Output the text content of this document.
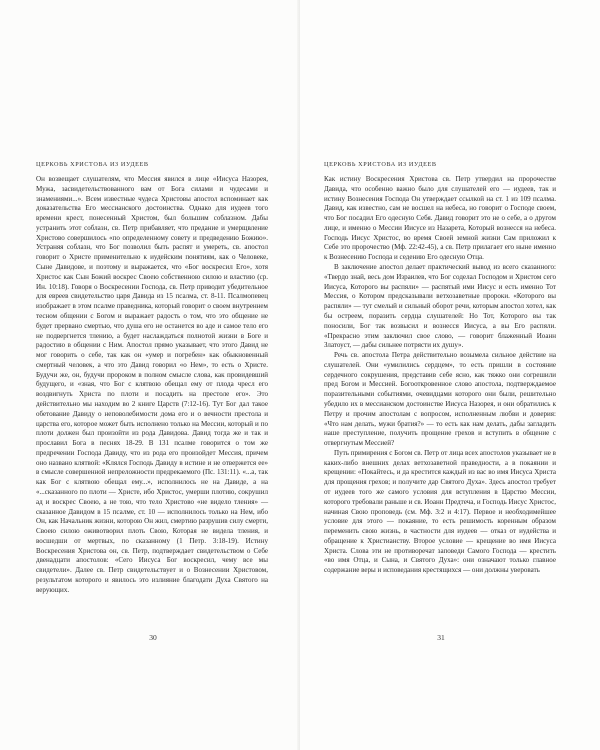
ЦЕРКОВЬ ХРИСТОВА ИЗ ИУДЕЕВ

Он возвещает слушателям, что Мессия явился в лице «Иисуса Назорея, Мужа, засвидетельствованного вам от Бога силами и чудесами и знамениями...». Всем известные чудеса Христовы апостол вспоминает как доказательства Его мессианского достоинства. Однако для иудеев того времени крест, понесенный Христом, был большим соблазном. Дабы устранить этот соблазн, св. Петр прибавляет, что предание и умерщвление Христово совершилось «по определенному совету и предведению Божию». Устраняя соблазн, что Бог позволил быть распят и умереть, св. апостол говорит о Христе применительно к иудейским понятиям, как о Человеке, Сыне Давидове, и поэтому и выражается, что «Бог воскресил Его», хотя Христос как Сын Божий воскрес Своею собственною силою и властию (ср. Ин. 10:18). Говоря о Воскресении Господа, св. Петр приводит убедительное для евреев свидетельство царя Давида из 15 псалма, ст. 8-11. Псалмопевец изображает в этом псалме праведника, который говорит о своем внутреннем тесном общении с Богом и выражает радость о том, что это общение не будет прервано смертью, что душа его не останется во аде и самое тело его не подвергнется тлению, а будет наслаждаться полнотой жизни в Боге и радостию в общении с Ним. Апостол прямо указывает, что этого Давид не мог говорить о себе, так как он «умер и погребен» как обыкновенный смертный человек, а что это Давид говорил «о Нем», то есть о Христе. Будучи же, он, будучи пророком в полном смысле слова, как провидевший будущего, и «зная, что Бог с клятвою обещал ему от плода чресл его воздвигнуть Христа по плоти и посадить на престоле его». Это действительно мы находим во 2 книге Царств (7:12-16). Тут Бог дал такое обетование Давиду о неповолебимости дома его и о вечности престола и царства его, которое может быть исполнено только на Мессии, который и по плоти должен был произойти из рода Давидова. Давид тогда же и так и прославил Бога в песнях 18-29. В 131 псалме говорится о том же предречении Господа Давиду, что из рода его произойдет Мессия, причем оно названо клятвой: «Клялся Господь Давиду в истине и не отвержется ее» в смысле совершенной непреложности предрекаемого (Пс. 131:11). «...а, так как Бог с клятвою обещал ему...», исполнилось не на Давиде, а на «...сказанного по плоти — Христе, ибо Христос, умерши плотию, сокрушил ад и воскрес Своею, а не тою, что тело Христово «не видело тления» — сказанное Давидом в 15 псалме, ст. 10 — исполнилось только на Нем, ибо Он, как Начальник жизни, которою Он жил, смертию разрушив силу смерти, Своею силою оживотворил плоть Свою, Которая не видела тления, и восшедши от мертвых, по сказанному (1 Петр. 3:18-19). Истину Воскресения Христова он, св. Петр, подтверждает свидетельством о Себе двенадцати апостолов: «Сего Иисуса Бог воскресил, чему все мы свидетели». Далее св. Петр свидетельствует и о Вознесении Христовом, результатом которого и явилось это излияние благодати Духа Святого на верующих.

30
ЦЕРКОВЬ ХРИСТОВА ИЗ ИУДЕЕВ

Как истину Воскресения Христова св. Петр утвердил на пророчестве Давида, что особенно важно было для слушателей его — иудеев, так и истину Вознесения Господа Он утверждает ссылкой на ст. 1 из 109 псалма. Давид, как известно, сам не восшел на небеса, но говорит о Господе своем, что Бог посадил Его одесную Себя. Давид говорит это не о себе, а о другом лице, и именно о Мессии Иисусе из Назарета, Который вознесся на небеса. Господь Иисус Христос, во время Своей земной жизни Сам приложил к Себе это пророчество (Мф. 22:42-45), а св. Петр прилагает его ныне именно к Вознесению Господа и седению Его одесную Отца.

В заключение апостол делает практический вывод из всего сказанного: «Твердо знай, весь дом Израилев, что Бог соделал Господом и Христом сего Иисуса, Которого вы распяли» — распятый ими Иисус и есть именно Тот Мессия, о Котором предсказывали ветхозаветные пророки. «Которого вы распяли» — тут смелый и сильный оборот речи, которым апостол хотел, как бы остреем, поразить сердца слушателей: Но Тот, Которого вы так поносили, Бог так возвысил и вознесся Иисуса, а вы Его распяли. «Прекрасно этим заключил свое слово, — говорит блаженный Иоанн Златоуст, — дабы сильнее потрясти их душу».

Речь св. апостола Петра действительно возымела сильное действие на слушателей. Они «умилились сердцем», то есть пришли в состояние сердечного сокрушения, представив себе ясно, как тяжко они согрешили пред Богом и Мессией. Богооткровенное слово апостола, подтверждаемое поразительными событиями, очевидцами которого они были, решительно убедило их в мессианском достоинстве Иисуса Назорея, и они обратились к Петру и прочим апостолам с вопросом, исполненным любви и доверия: «Что нам делать, мужи братия?» — то есть как нам делать, дабы загладить наше преступление, получить прощение грехов и вступить в общение с отвергнутым Мессией?

Путь примирения с Богом св. Петр от лица всех апостолов указывает не в каких-либо внешних делах ветхозаветной праведности, а в покаянии и крещении: «Покайтесь, и да крестится каждый из вас во имя Иисуса Христа для прощения грехов; и получите дар Святого Духа». Здесь апостол требует от иудеев того же самого условия для вступления в Царство Мессии, которого требовали раньше и св. Иоанн Предтеча, и Господь Иисус Христос, начиная Свою проповедь (см. Мф. 3:2 и 4:17). Первое и необходимейшее условие для этого — покаяние, то есть решимость коренным образом переменить свою жизнь, в частности для иудеев — отказ от иудейства и обращение к Христианству. Второе условие — крещение во имя Иисуса Христа. Слова эти не противоречат заповеди Самого Господа — крестить «во имя Отца, и Сына, и Святого Духа»: они означают только главное содержание веры и исповедания крестящихся — они должны уверовать

31
